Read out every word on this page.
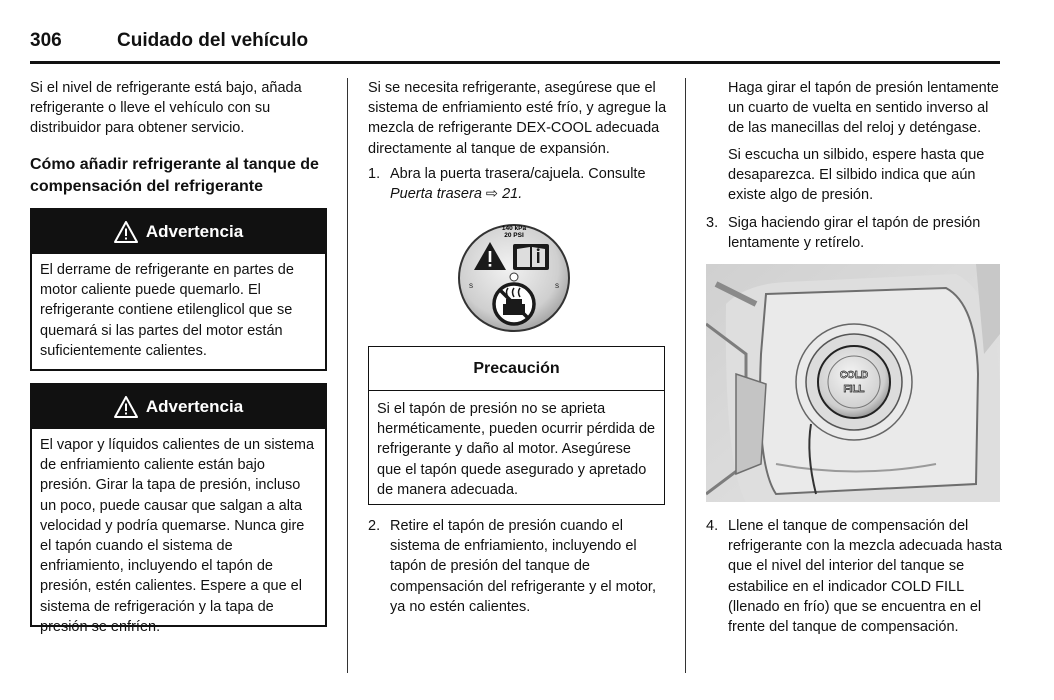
306	Cuidado del vehículo
Si el nivel de refrigerante está bajo, añada refrigerante o lleve el vehículo con su distribuidor para obtener servicio.
Cómo añadir refrigerante al tanque de compensación del refrigerante
Advertencia
El derrame de refrigerante en partes de motor caliente puede quemarlo. El refrigerante contiene etilenglicol que se quemará si las partes del motor están suficientemente calientes.
Advertencia
El vapor y líquidos calientes de un sistema de enfriamiento caliente están bajo presión. Girar la tapa de presión, incluso un poco, puede causar que salgan a alta velocidad y podría quemarse. Nunca gire el tapón cuando el sistema de enfriamiento, incluyendo el tapón de presión, estén calientes. Espere a que el sistema de refrigeración y la tapa de presión se enfríen.
Si se necesita refrigerante, asegúrese que el sistema de enfriamiento esté frío, y agregue la mezcla de refrigerante DEX-COOL adecuada directamente al tanque de expansión.
1. Abra la puerta trasera/cajuela. Consulte Puerta trasera ⇨ 21.
140 kPa
20 PSI
S	S
Precaución
Si el tapón de presión no se aprieta herméticamente, pueden ocurrir pérdida de refrigerante y daño al motor. Asegúrese que el tapón quede asegurado y apretado de manera adecuada.
2. Retire el tapón de presión cuando el sistema de enfriamiento, incluyendo el tapón de presión del tanque de compensación del refrigerante y el motor, ya no estén calientes.
Haga girar el tapón de presión lentamente un cuarto de vuelta en sentido inverso al de las manecillas del reloj y deténgase.
Si escucha un silbido, espere hasta que desaparezca. El silbido indica que aún existe algo de presión.
3. Siga haciendo girar el tapón de presión lentamente y retírelo.
COLD
FILL
4. Llene el tanque de compensación del refrigerante con la mezcla adecuada hasta que el nivel del interior del tanque se estabilice en el indicador COLD FILL (llenado en frío) que se encuentra en el frente del tanque de compensación.
